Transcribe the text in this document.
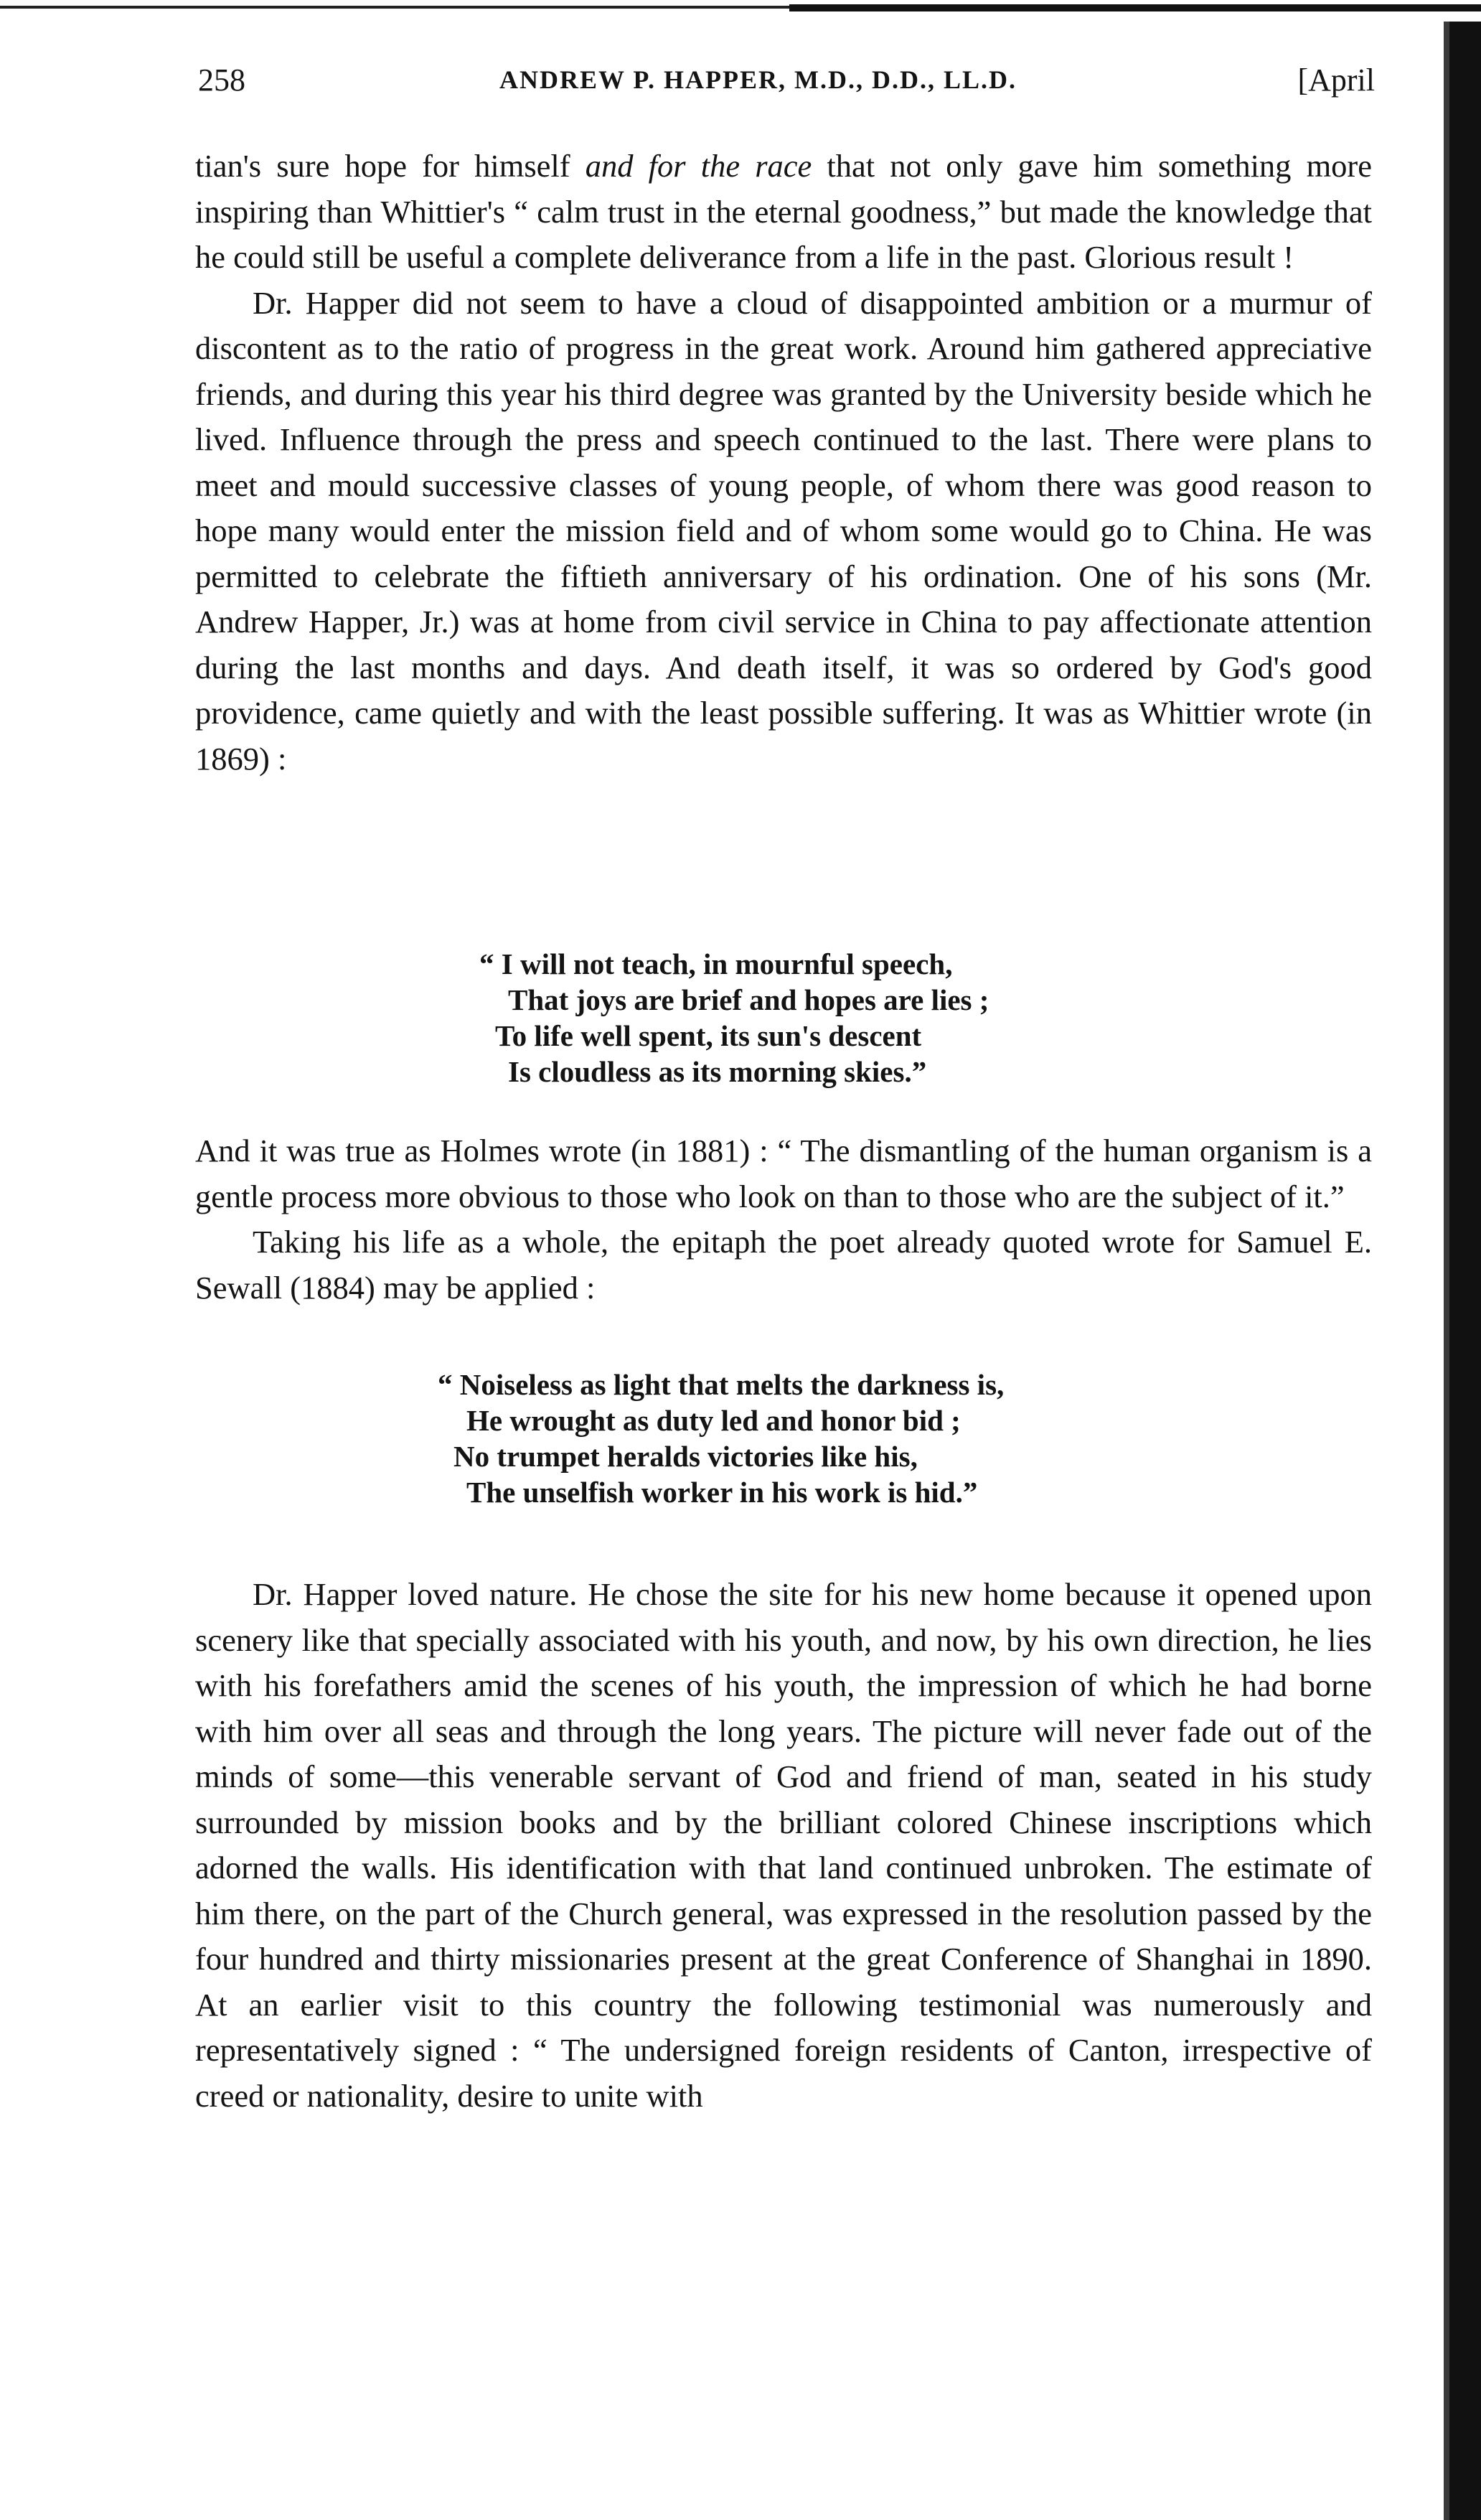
258	ANDREW P. HAPPER, M.D., D.D., LL.D.	[April

tian's sure hope for himself and for the race that not only gave him something more inspiring than Whittier's “ calm trust in the eternal goodness,” but made the knowledge that he could still be useful a complete deliverance from a life in the past. Glorious result !

Dr. Happer did not seem to have a cloud of disappointed ambition or a murmur of discontent as to the ratio of progress in the great work. Around him gathered appreciative friends, and during this year his third degree was granted by the University beside which he lived. Influence through the press and speech continued to the last. There were plans to meet and mould successive classes of young people, of whom there was good reason to hope many would enter the mission field and of whom some would go to China. He was permitted to celebrate the fiftieth anniversary of his ordination. One of his sons (Mr. Andrew Happer, Jr.) was at home from civil service in China to pay affectionate attention during the last months and days. And death itself, it was so ordered by God's good providence, came quietly and with the least possible suffering. It was as Whittier wrote (in 1869) :

“ I will not teach, in mournful speech,
That joys are brief and hopes are lies ;
To life well spent, its sun's descent
Is cloudless as its morning skies.”

And it was true as Holmes wrote (in 1881) : “ The dismantling of the human organism is a gentle process more obvious to those who look on than to those who are the subject of it.”

Taking his life as a whole, the epitaph the poet already quoted wrote for Samuel E. Sewall (1884) may be applied :

“ Noiseless as light that melts the darkness is,
He wrought as duty led and honor bid ;
No trumpet heralds victories like his,
The unselfish worker in his work is hid.”

Dr. Happer loved nature. He chose the site for his new home because it opened upon scenery like that specially associated with his youth, and now, by his own direction, he lies with his forefathers amid the scenes of his youth, the impression of which he had borne with him over all seas and through the long years. The picture will never fade out of the minds of some—this venerable servant of God and friend of man, seated in his study surrounded by mission books and by the brilliant colored Chinese inscriptions which adorned the walls. His identification with that land continued unbroken. The estimate of him there, on the part of the Church general, was expressed in the resolution passed by the four hundred and thirty missionaries present at the great Conference of Shanghai in 1890. At an earlier visit to this country the following testimonial was numerously and representatively signed : “ The undersigned foreign residents of Canton, irrespective of creed or nationality, desire to unite with
